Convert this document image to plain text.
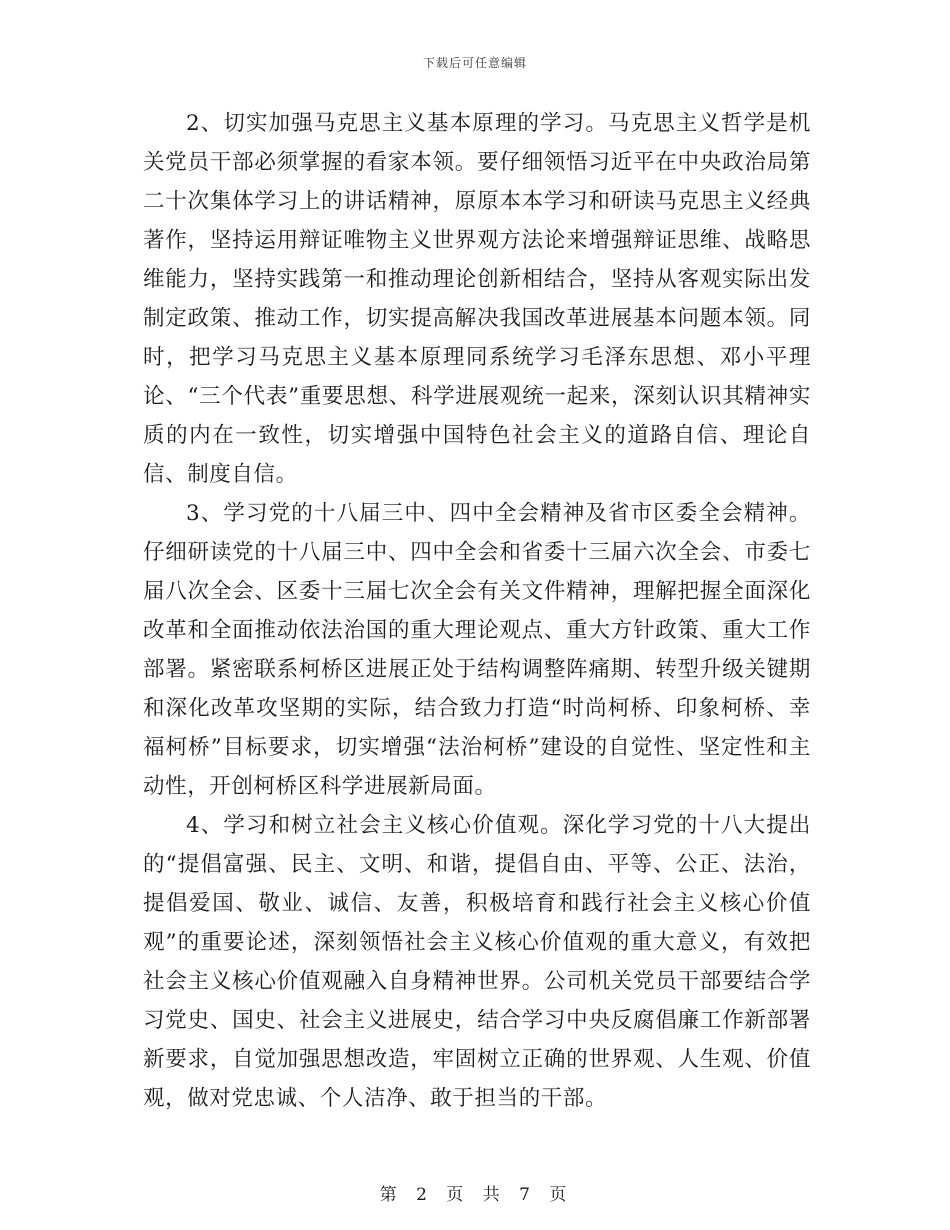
下载后可任意编辑

2、切实加强马克思主义基本原理的学习。马克思主义哲学是机关党员干部必须掌握的看家本领。要仔细领悟习近平在中央政治局第二十次集体学习上的讲话精神，原原本本学习和研读马克思主义经典著作，坚持运用辩证唯物主义世界观方法论来增强辩证思维、战略思维能力，坚持实践第一和推动理论创新相结合，坚持从客观实际出发制定政策、推动工作，切实提高解决我国改革进展基本问题本领。同时，把学习马克思主义基本原理同系统学习毛泽东思想、邓小平理论、“三个代表”重要思想、科学进展观统一起来，深刻认识其精神实质的内在一致性，切实增强中国特色社会主义的道路自信、理论自信、制度自信。

3、学习党的十八届三中、四中全会精神及省市区委全会精神。仔细研读党的十八届三中、四中全会和省委十三届六次全会、市委七届八次全会、区委十三届七次全会有关文件精神，理解把握全面深化改革和全面推动依法治国的重大理论观点、重大方针政策、重大工作部署。紧密联系柯桥区进展正处于结构调整阵痛期、转型升级关键期和深化改革攻坚期的实际，结合致力打造“时尚柯桥、印象柯桥、幸福柯桥”目标要求，切实增强“法治柯桥”建设的自觉性、坚定性和主动性，开创柯桥区科学进展新局面。

4、学习和树立社会主义核心价值观。深化学习党的十八大提出的“提倡富强、民主、文明、和谐，提倡自由、平等、公正、法治，提倡爱国、敬业、诚信、友善，积极培育和践行社会主义核心价值观”的重要论述，深刻领悟社会主义核心价值观的重大意义，有效把社会主义核心价值观融入自身精神世界。公司机关党员干部要结合学习党史、国史、社会主义进展史，结合学习中央反腐倡廉工作新部署新要求，自觉加强思想改造，牢固树立正确的世界观、人生观、价值观，做对党忠诚、个人洁净、敢于担当的干部。

第 2 页 共 7 页
